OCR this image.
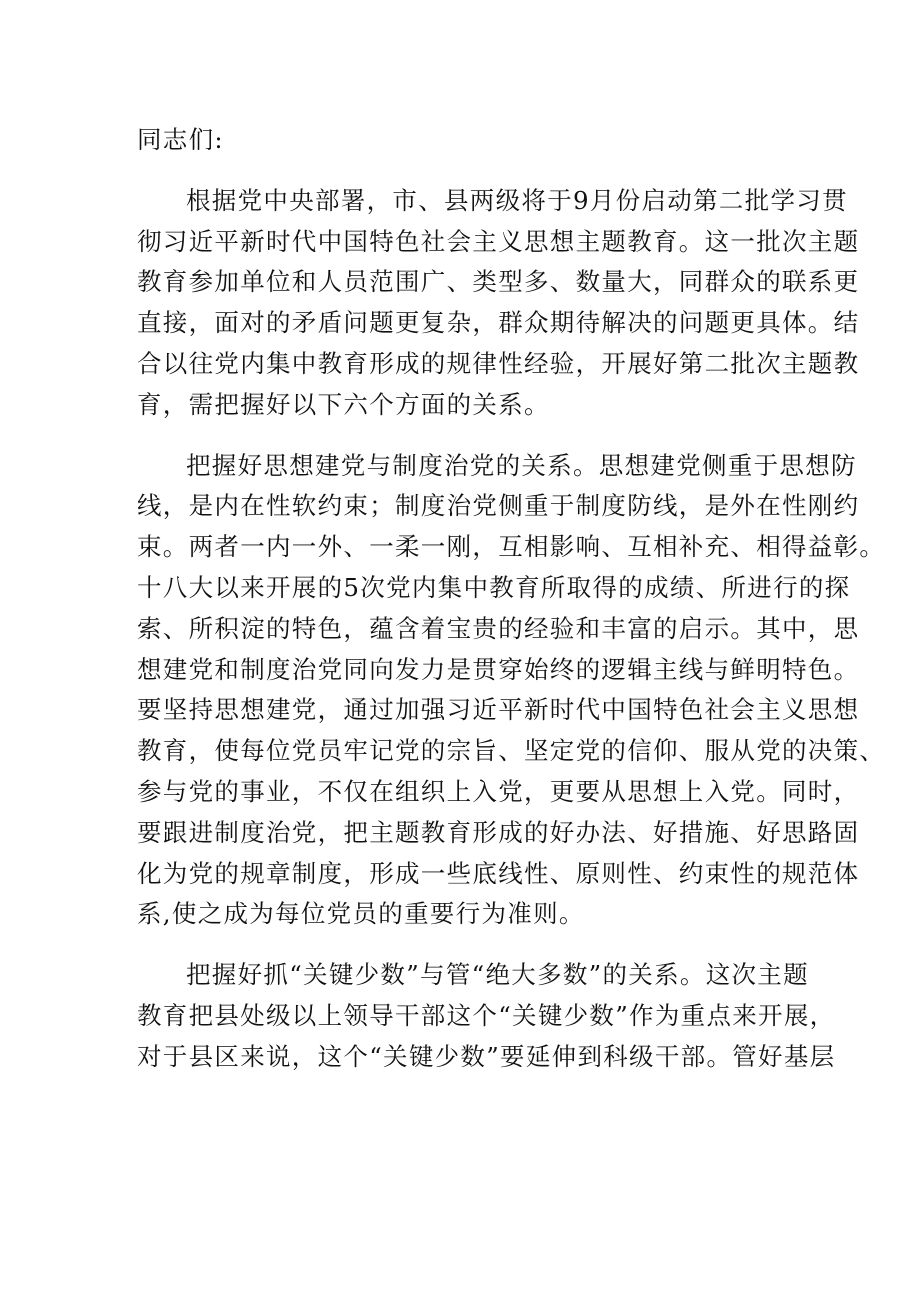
同志们:
根据党中央部署，市、县两级将于9月份启动第二批学习贯
彻习近平新时代中国特色社会主义思想主题教育。这一批次主题
教育参加单位和人员范围广、类型多、数量大，同群众的联系更
直接，面对的矛盾问题更复杂，群众期待解决的问题更具体。结
合以往党内集中教育形成的规律性经验，开展好第二批次主题教
育，需把握好以下六个方面的关系。
把握好思想建党与制度治党的关系。思想建党侧重于思想防
线，是内在性软约束；制度治党侧重于制度防线，是外在性刚约
束。两者一内一外、一柔一刚，互相影响、互相补充、相得益彰。
十八大以来开展的5次党内集中教育所取得的成绩、所进行的探
索、所积淀的特色，蕴含着宝贵的经验和丰富的启示。其中，思
想建党和制度治党同向发力是贯穿始终的逻辑主线与鲜明特色。
要坚持思想建党，通过加强习近平新时代中国特色社会主义思想
教育，使每位党员牢记党的宗旨、坚定党的信仰、服从党的决策、
参与党的事业，不仅在组织上入党，更要从思想上入党。同时，
要跟进制度治党，把主题教育形成的好办法、好措施、好思路固
化为党的规章制度，形成一些底线性、原则性、约束性的规范体
系,使之成为每位党员的重要行为准则。
把握好抓“关键少数”与管“绝大多数”的关系。这次主题
教育把县处级以上领导干部这个“关键少数”作为重点来开展，
对于县区来说，这个“关键少数”要延伸到科级干部。管好基层
